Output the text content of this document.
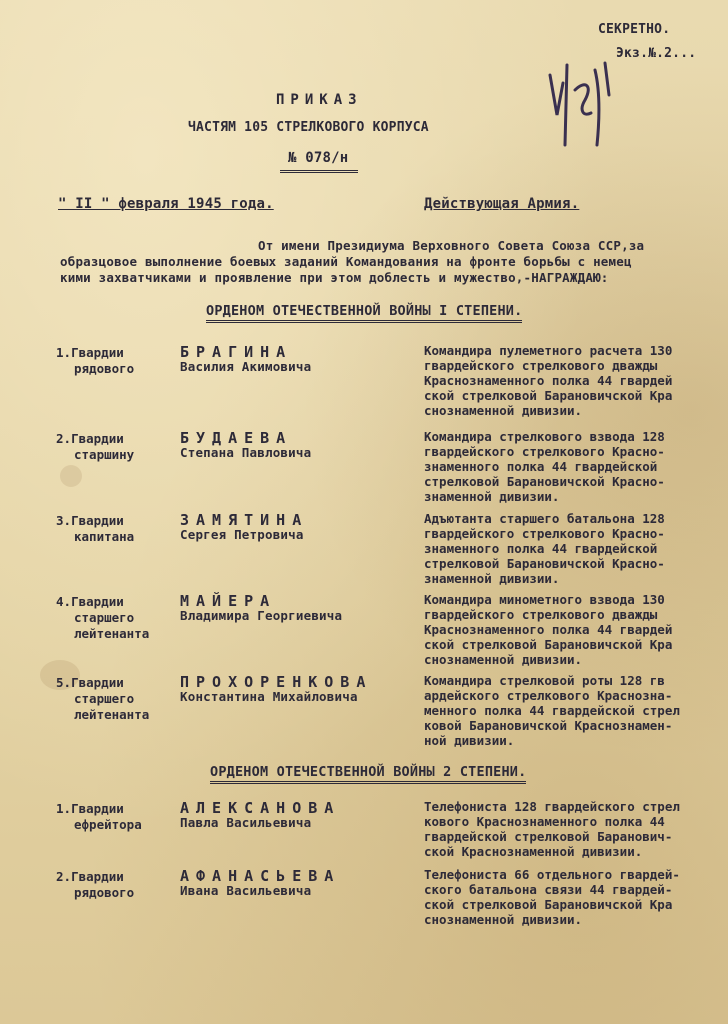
СЕКРЕТНО.
Экз.№.2...
ПРИКАЗ
ЧАСТЯМ 105 СТРЕЛКОВОГО КОРПУСА
№ 078/н
" II " февраля 1945 года.	Действующая Армия.
От имени Президиума Верховного Совета Союза ССР,за
образцовое выполнение боевых заданий Командования на фронте борьбы с немец
кими захватчиками и проявление при этом доблесть и мужество,-НАГРАЖДАЮ:
ОРДЕНОМ ОТЕЧЕСТВЕННОЙ ВОЙНЫ I СТЕПЕНИ.
1.Гвардии
рядового
БРАГИНА
Василия Акимовича
Командира пулеметного расчета 130
гвардейского стрелкового дважды
Краснознаменного полка 44 гвардей
ской стрелковой Барановичской Кра
снознаменной дивизии.
2.Гвардии
старшину
БУДАЕВА
Степана Павловича
Командира стрелкового взвода 128
гвардейского стрелкового Красно-
знаменного полка 44 гвардейской
стрелковой Барановичской Красно-
знаменной дивизии.
3.Гвардии
капитана
ЗАМЯТИНА
Сергея Петровича
Адъютанта старшего батальона 128
гвардейского стрелкового Красно-
знаменного полка 44 гвардейской
стрелковой Барановичской Красно-
знаменной дивизии.
4.Гвардии
старшего
лейтенанта
МАЙЕРА
Владимира Георгиевича
Командира минометного взвода 130
гвардейского стрелкового дважды
Краснознаменного полка 44 гвардей
ской стрелковой Барановичской Кра
снознаменной дивизии.
5.Гвардии
старшего
лейтенанта
ПРОХОРЕНКОВА
Константина Михайловича
Командира стрелковой роты 128 гв
ардейского стрелкового Краснозна-
менного полка 44 гвардейской стрел
ковой Барановичской Краснознамен-
ной дивизии.
ОРДЕНОМ ОТЕЧЕСТВЕННОЙ ВОЙНЫ 2 СТЕПЕНИ.
1.Гвардии
ефрейтора
АЛЕКСАНОВА
Павла Васильевича
Телефониста 128 гвардейского стрел
кового Краснознаменного полка 44
гвардейской стрелковой Баранович-
ской Краснознаменной дивизии.
2.Гвардии
рядового
АФАНАСЬЕВА
Ивана Васильевича
Телефониста 66 отдельного гвардей-
ского батальона связи 44 гвардей-
ской стрелковой Барановичской Кра
снознаменной дивизии.
